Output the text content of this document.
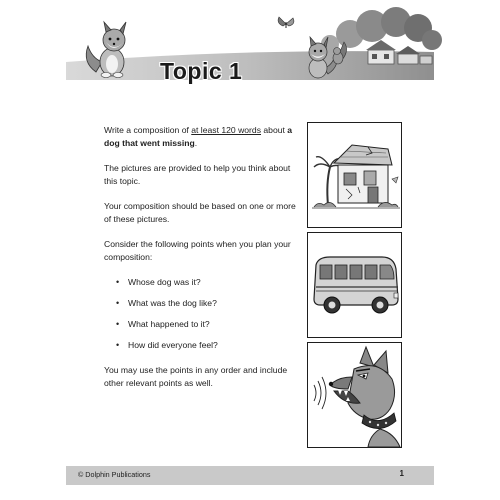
Topic 1

Write a composition of at least 120 words about a dog that went missing.

The pictures are provided to help you think about this topic.

Your composition should be based on one or more of these pictures.

Consider the following points when you plan your composition:

• Whose dog was it?
• What was the dog like?
• What happened to it?
• How did everyone feel?

You may use the points in any order and include other relevant points as well.

© Dolphin Publications	1
